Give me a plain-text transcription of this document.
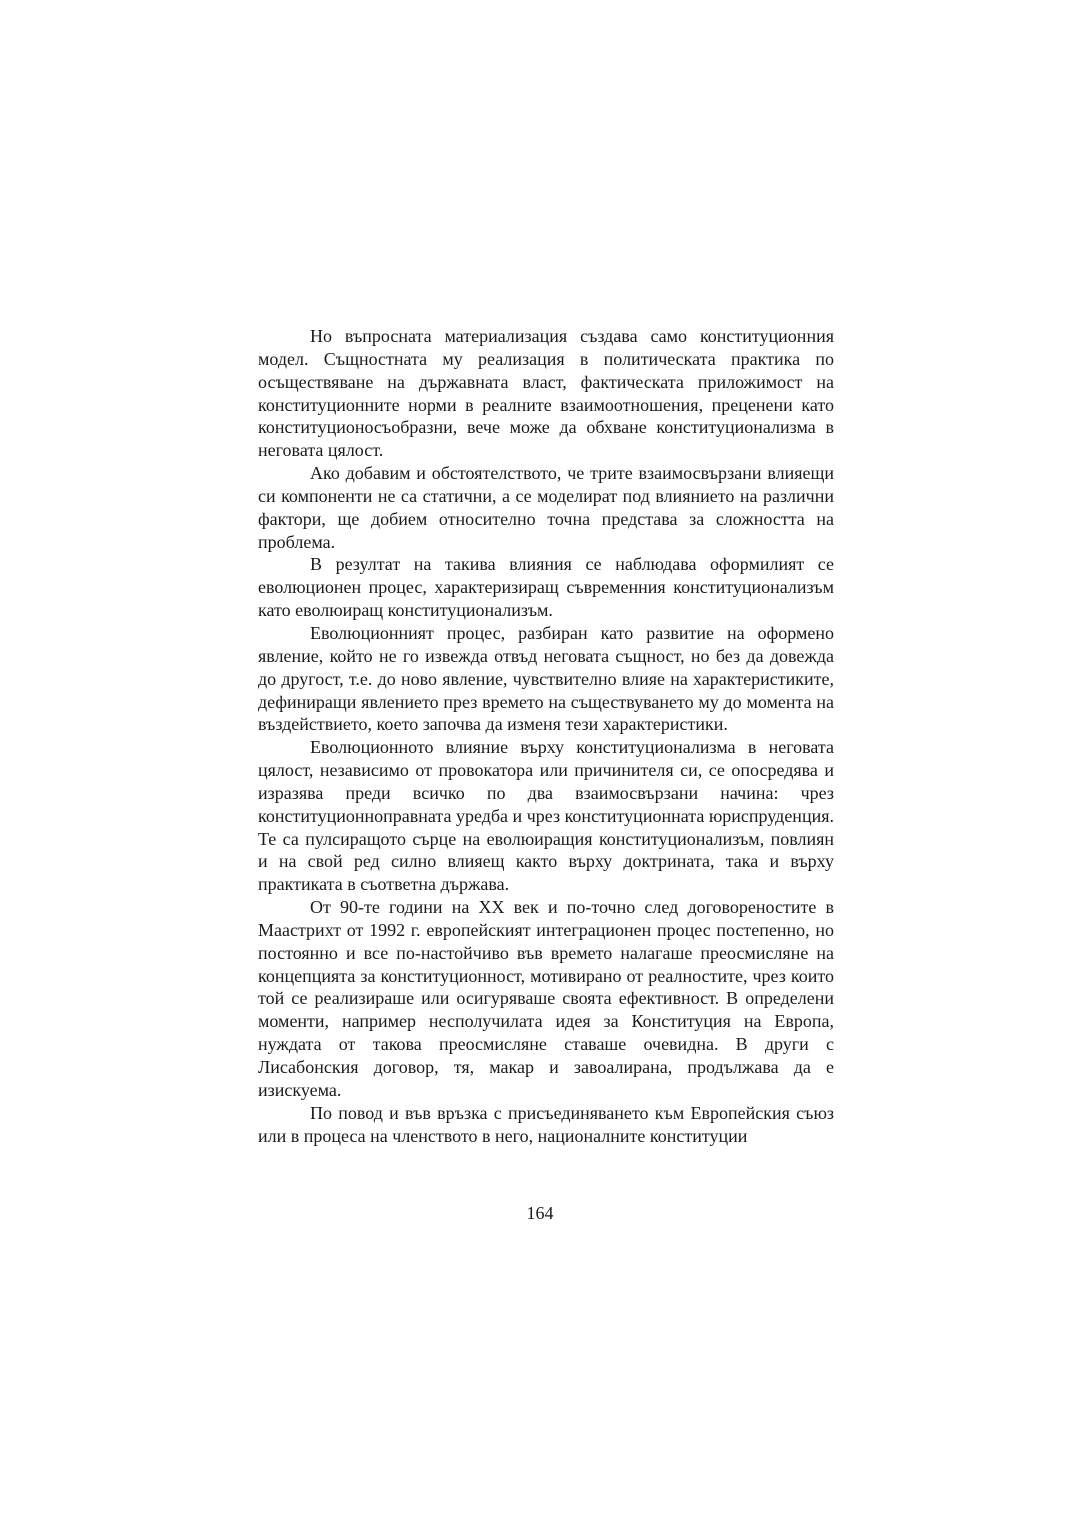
Но въпросната материализация създава само конституционния модел. Същностната му реализация в политическата практика по осъществяване на държавната власт, фактическата приложимост на конституционните норми в реалните взаимоотношения, преценени като конституционосъобразни, вече може да обхване конституционализма в неговата цялост.

Ако добавим и обстоятелството, че трите взаимосвързани влияещи си компоненти не са статични, а се моделират под влиянието на различни фактори, ще добием относително точна представа за сложността на проблема.

В резултат на такива влияния се наблюдава оформилият се еволюционен процес, характеризиращ съвременния конституционализъм като еволюиращ конституционализъм.

Еволюционният процес, разбиран като развитие на оформено явление, който не го извежда отвъд неговата същност, но без да довежда до другост, т.е. до ново явление, чувствително влияе на характеристиките, дефиниращи явлението през времето на съществуването му до момента на въздействието, което започва да изменя тези характеристики.

Еволюционното влияние върху конституционализма в неговата цялост, независимо от провокатора или причинителя си, се опосредява и изразява преди всичко по два взаимосвързани начина: чрез конституционноправната уредба и чрез конституционната юриспруденция. Те са пулсиращото сърце на еволюиращия конституционализъм, повлиян и на свой ред силно влияещ както върху доктрината, така и върху практиката в съответна държава.

От 90-те години на XX век и по-точно след договореностите в Маастрихт от 1992 г. европейският интеграционен процес постепенно, но постоянно и все по-настойчиво във времето налагаше преосмисляне на концепцията за конституционност, мотивирано от реалностите, чрез които той се реализираше или осигуряваше своята ефективност. В определени моменти, например несполучилата идея за Конституция на Европа, нуждата от такова преосмисляне ставаше очевидна. В други с Лисабонския договор, тя, макар и завоалирана, продължава да е изискуема.

По повод и във връзка с присъединяването към Европейския съюз или в процеса на членството в него, националните конституции

164
